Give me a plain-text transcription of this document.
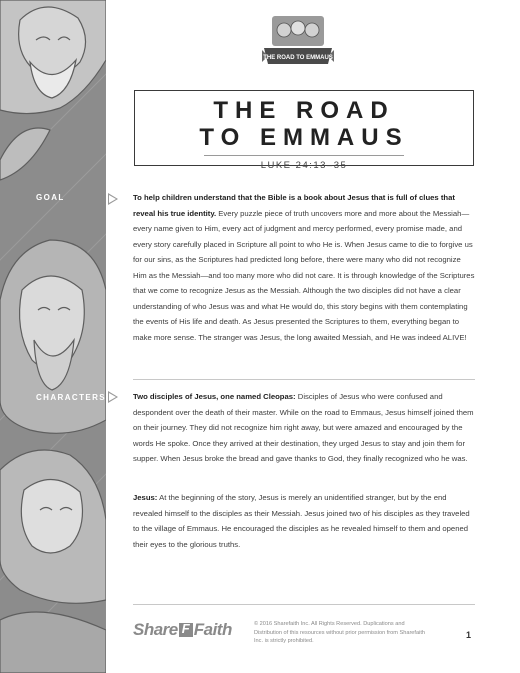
GOAL
CHARACTERS
THE ROAD TO EMMAUS
THE ROAD
TO EMMAUS
LUKE 24:13–35
To help children understand that the Bible is a book about Jesus that is full of clues that reveal his true identity. Every puzzle piece of truth uncovers more and more about the Messiah—every name given to Him, every act of judgment and mercy performed, every promise made, and every story carefully placed in Scripture all point to who He is. When Jesus came to die to forgive us for our sins, as the Scriptures had predicted long before, there were many who did not recognize Him as the Messiah—and too many more who did not care. It is through knowledge of the Scriptures that we come to recognize Jesus as the Messiah. Although the two disciples did not have a clear understanding of who Jesus was and what He would do, this story begins with them contemplating the events of His life and death. As Jesus presented the Scriptures to them, everything began to make more sense. The stranger was Jesus, the long awaited Messiah, and He was indeed ALIVE!
Two disciples of Jesus, one named Cleopas: Disciples of Jesus who were confused and despondent over the death of their master. While on the road to Emmaus, Jesus himself joined them on their journey. They did not recognize him right away, but were amazed and encouraged by the words He spoke. Once they arrived at their destination, they urged Jesus to stay and join them for supper. When Jesus broke the bread and gave thanks to God, they finally recognized who he was.
Jesus: At the beginning of the story, Jesus is merely an unidentified stranger, but by the end revealed himself to the disciples as their Messiah. Jesus joined two of his disciples as they traveled to the village of Emmaus. He encouraged the disciples as he revealed himself to them and opened their eyes to the glorious truths.
ShareF Faith	© 2016 Sharefaith Inc. All Rights Reserved. Duplications and Distribution of this resources without prior permission from Sharefaith Inc. is strictly prohibited.
1
